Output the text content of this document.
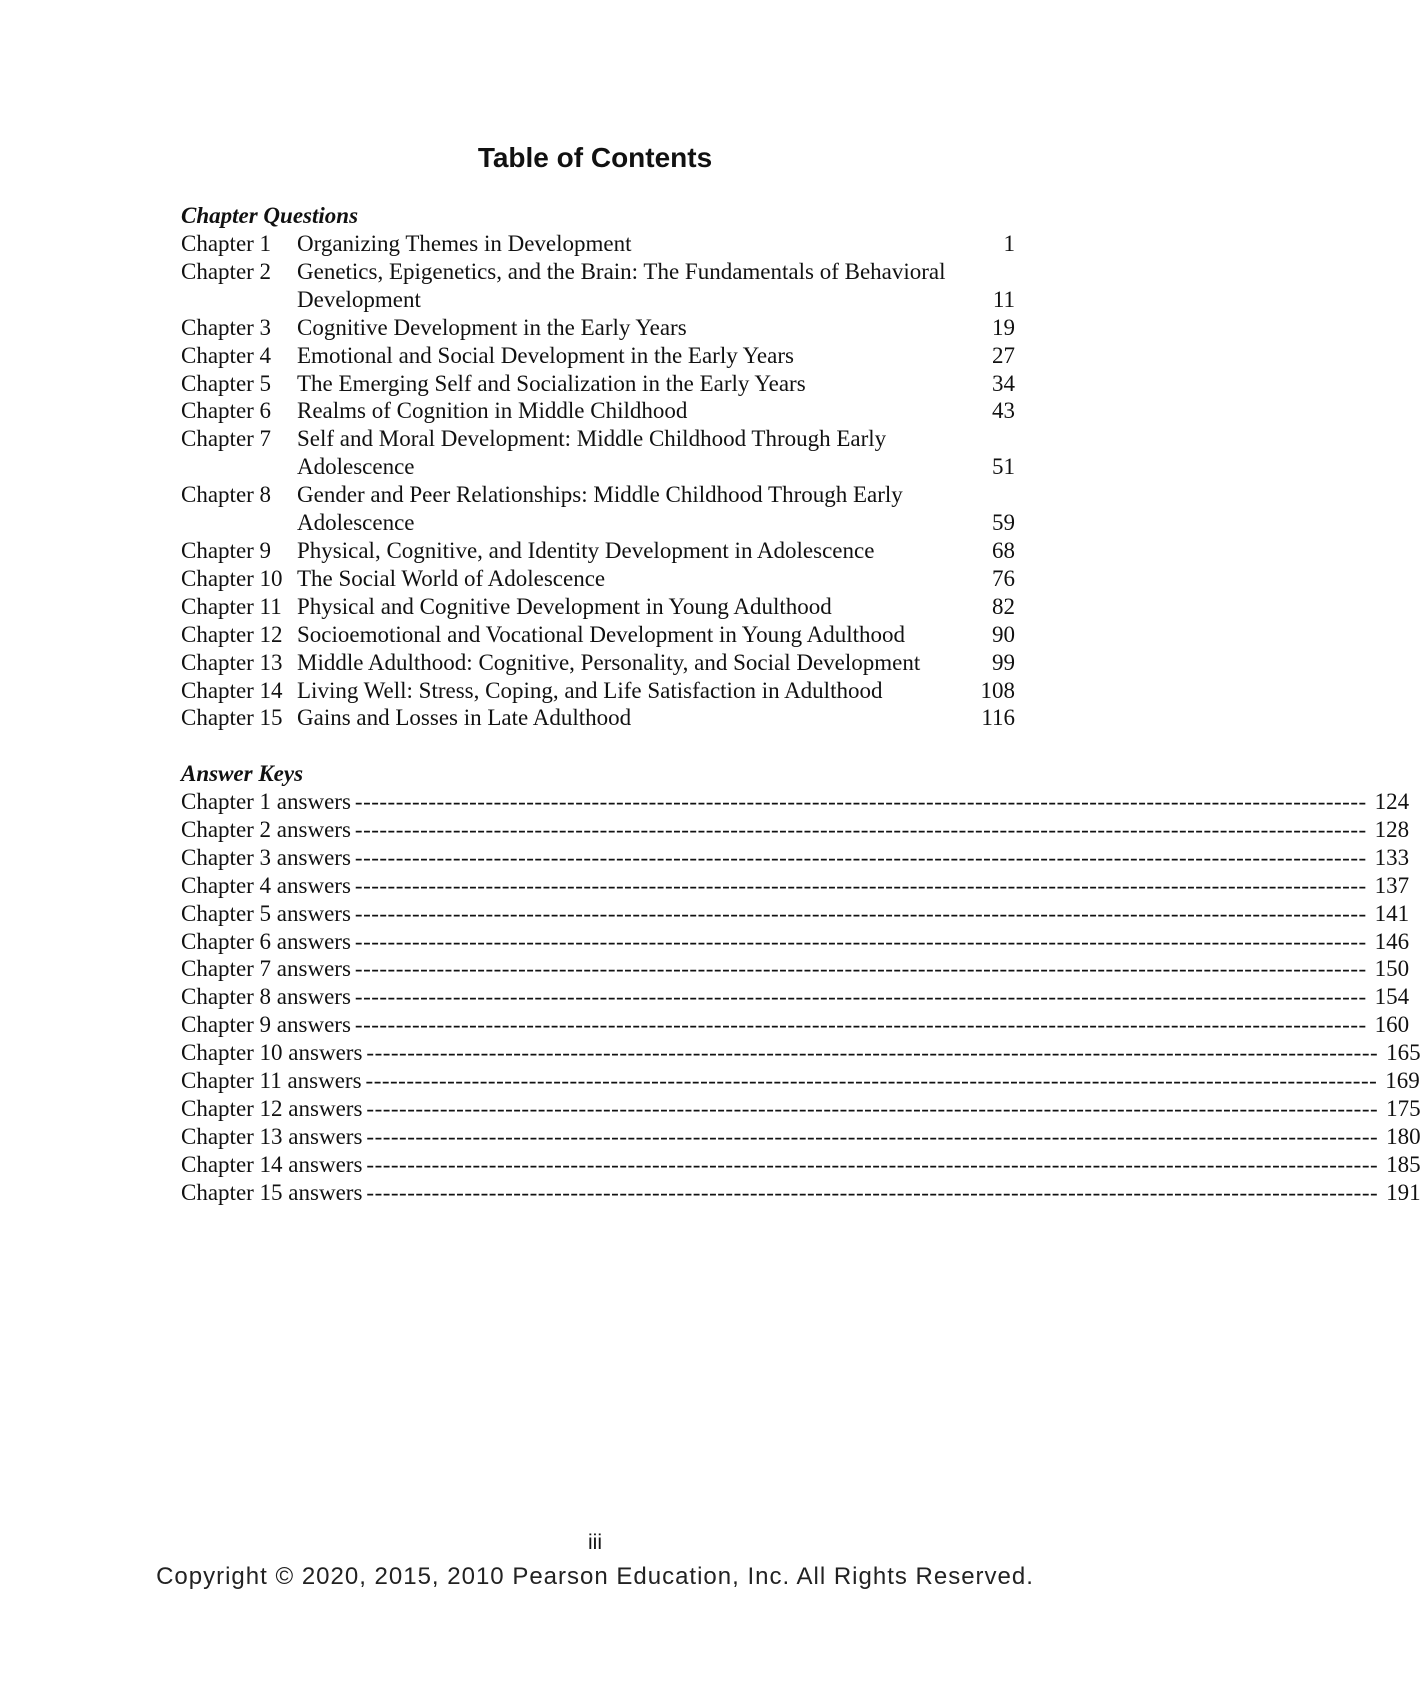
Table of Contents
Chapter Questions
Chapter 1	Organizing Themes in Development	1
Chapter 2	Genetics, Epigenetics, and the Brain: The Fundamentals of Behavioral
Development	11
Chapter 3	Cognitive Development in the Early Years	19
Chapter 4	Emotional and Social Development in the Early Years	27
Chapter 5	The Emerging Self and Socialization in the Early Years	34
Chapter 6	Realms of Cognition in Middle Childhood	43
Chapter 7	Self and Moral Development: Middle Childhood Through Early
Adolescence	51
Chapter 8	Gender and Peer Relationships: Middle Childhood Through Early
Adolescence	59
Chapter 9	Physical, Cognitive, and Identity Development in Adolescence	68
Chapter 10 The Social World of Adolescence	76
Chapter 11 Physical and Cognitive Development in Young Adulthood	82
Chapter 12 Socioemotional and Vocational Development in Young Adulthood	90
Chapter 13 Middle Adulthood: Cognitive, Personality, and Social Development	99
Chapter 14 Living Well: Stress, Coping, and Life Satisfaction in Adulthood	108
Chapter 15 Gains and Losses in Late Adulthood	116
Answer Keys
Chapter 1 answers ---------------------------------------------------------------------------------------------------------------------------- 124
Chapter 2 answers ---------------------------------------------------------------------------------------------------------------------------- 128
Chapter 3 answers ---------------------------------------------------------------------------------------------------------------------------- 133
Chapter 4 answers ---------------------------------------------------------------------------------------------------------------------------- 137
Chapter 5 answers ---------------------------------------------------------------------------------------------------------------------------- 141
Chapter 6 answers ---------------------------------------------------------------------------------------------------------------------------- 146
Chapter 7 answers ---------------------------------------------------------------------------------------------------------------------------- 150
Chapter 8 answers ---------------------------------------------------------------------------------------------------------------------------- 154
Chapter 9 answers ---------------------------------------------------------------------------------------------------------------------------- 160
Chapter 10 answers ---------------------------------------------------------------------------------------------------------------------------- 165
Chapter 11 answers ---------------------------------------------------------------------------------------------------------------------------- 169
Chapter 12 answers ---------------------------------------------------------------------------------------------------------------------------- 175
Chapter 13 answers ---------------------------------------------------------------------------------------------------------------------------- 180
Chapter 14 answers ---------------------------------------------------------------------------------------------------------------------------- 185
Chapter 15 answers ---------------------------------------------------------------------------------------------------------------------------- 191
iii
Copyright © 2020, 2015, 2010 Pearson Education, Inc. All Rights Reserved.
